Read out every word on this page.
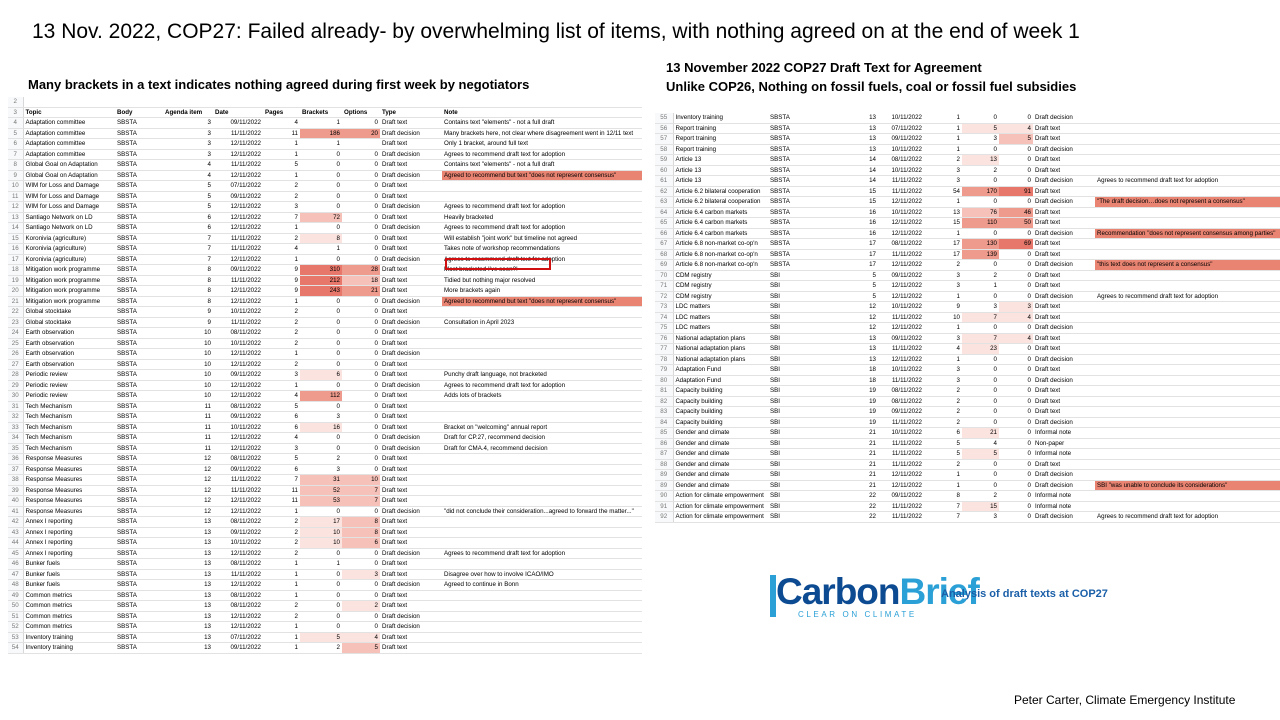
13 Nov. 2022, COP27: Failed already- by overwhelming list of items, with nothing agreed on at the end of week 1
Many brackets in a text indicates nothing agreed during first week by negotiators
13 November 2022 COP27 Draft Text for Agreement
Unlike COP26, Nothing on fossil fuels, coal or fossil fuel subsidies
2									
3	Topic	Body	Agenda item	Date	Pages	Brackets	Options	Type	Note
4	Adaptation committee	SBSTA	3	09/11/2022	4	1	0	Draft text	Contains text "elements" - not a full draft
5	Adaptation committee	SBSTA	3	11/11/2022	11	186	20	Draft decision	Many brackets here, not clear where disagreement went in 12/11 text
6	Adaptation committee	SBSTA	3	12/11/2022	1	1		Draft text	Only 1 bracket, around full text
7	Adaptation committee	SBSTA	3	12/11/2022	1	0	0	Draft decision	Agrees to recommend draft text for adoption
8	Global Goal on Adaptation	SBSTA	4	11/11/2022	5	0	0	Draft text	Contains text "elements" - not a full draft
9	Global Goal on Adaptation	SBSTA	4	12/11/2022	1	0	0	Draft decision	Agreed to recommend but text "does not represent consensus"
10	WIM for Loss and Damage	SBSTA	5	07/11/2022	2	0	0	Draft text	
11	WIM for Loss and Damage	SBSTA	5	09/11/2022	2	0	0	Draft text	
12	WIM for Loss and Damage	SBSTA	5	12/11/2022	3	0	0	Draft decision	Agrees to recommend draft text for adoption
13	Santiago Network on LD	SBSTA	6	12/11/2022	7	72	0	Draft text	Heavily bracketed
14	Santiago Network on LD	SBSTA	6	12/11/2022	1	0	0	Draft decision	Agrees to recommend draft text for adoption
15	Koronivia (agriculture)	SBSTA	7	11/11/2022	2	8	0	Draft text	Will establish "joint work" but timeline not agreed
16	Koronivia (agriculture)	SBSTA	7	11/11/2022	4	1	0	Draft text	Takes note of workshop recommendations
17	Koronivia (agriculture)	SBSTA	7	12/11/2022	1	0	0	Draft decision	Agrees to recommend draft text for adoption
18	Mitigation work programme	SBSTA	8	09/11/2022	9	310	28	Draft text	Most bracketed I've seen?!
19	Mitigation work programme	SBSTA	8	11/11/2022	9	212	18	Draft text	Tidied but nothing major resolved
20	Mitigation work programme	SBSTA	8	12/11/2022	9	243	21	Draft text	More brackets again
21	Mitigation work programme	SBSTA	8	12/11/2022	1	0	0	Draft decision	Agreed to recommend but text "does not represent consensus"
22	Global stocktake	SBSTA	9	10/11/2022	2	0	0	Draft text	
23	Global stocktake	SBSTA	9	11/11/2022	2	0	0	Draft decision	Consultation in April 2023
24	Earth observation	SBSTA	10	08/11/2022	2	0	0	Draft text	
25	Earth observation	SBSTA	10	10/11/2022	2	0	0	Draft text	
26	Earth observation	SBSTA	10	12/11/2022	1	0	0	Draft decision	
27	Earth observation	SBSTA	10	12/11/2022	2	0	0	Draft text	
28	Periodic review	SBSTA	10	09/11/2022	3	6	0	Draft text	Punchy draft language, not bracketed
29	Periodic review	SBSTA	10	12/11/2022	1	0	0	Draft decision	Agrees to recommend draft text for adoption
30	Periodic review	SBSTA	10	12/11/2022	4	112	0	Draft text	Adds lots of brackets
31	Tech Mechanism	SBSTA	11	08/11/2022	5	0	0	Draft text	
32	Tech Mechanism	SBSTA	11	09/11/2022	6	3	0	Draft text	
33	Tech Mechanism	SBSTA	11	10/11/2022	6	16	0	Draft text	Bracket on "welcoming" annual report
34	Tech Mechanism	SBSTA	11	12/11/2022	4	0	0	Draft decision	Draft for CP.27, recommend decision
35	Tech Mechanism	SBSTA	11	12/11/2022	3	0	0	Draft decision	Draft for CMA.4, recommend decision
36	Response Measures	SBSTA	12	08/11/2022	5	2	0	Draft text	
37	Response Measures	SBSTA	12	09/11/2022	6	3	0	Draft text	
38	Response Measures	SBSTA	12	11/11/2022	7	31	10	Draft text	
39	Response Measures	SBSTA	12	11/11/2022	11	52	7	Draft text	
40	Response Measures	SBSTA	12	12/11/2022	11	53	7	Draft text	
41	Response Measures	SBSTA	12	12/11/2022	1	0	0	Draft decision	"did not conclude their consideration...agreed to forward the matter..."
42	Annex I reporting	SBSTA	13	08/11/2022	2	17	8	Draft text	
43	Annex I reporting	SBSTA	13	09/11/2022	2	10	8	Draft text	
44	Annex I reporting	SBSTA	13	10/11/2022	2	10	6	Draft text	
45	Annex I reporting	SBSTA	13	12/11/2022	2	0	0	Draft decision	Agrees to recommend draft text for adoption
46	Bunker fuels	SBSTA	13	08/11/2022	1	1	0	Draft text	
47	Bunker fuels	SBSTA	13	11/11/2022	1	0	3	Draft text	Disagree over how to involve ICAO/IMO
48	Bunker fuels	SBSTA	13	12/11/2022	1	0	0	Draft decision	Agreed to continue in Bonn
49	Common metrics	SBSTA	13	08/11/2022	1	0	0	Draft text	
50	Common metrics	SBSTA	13	08/11/2022	2	0	2	Draft text	
51	Common metrics	SBSTA	13	12/11/2022	2	0	0	Draft decision	
52	Common metrics	SBSTA	13	12/11/2022	1	0	0	Draft decision	
53	Inventory training	SBSTA	13	07/11/2022	1	5	4	Draft text	
54	Inventory training	SBSTA	13	09/11/2022	1	2	5	Draft text	
55	Inventory training	SBSTA	13	10/11/2022	1	0	0	Draft decision	
56	Report training	SBSTA	13	07/11/2022	1	5	4	Draft text	
57	Report training	SBSTA	13	09/11/2022	1	3	5	Draft text	
58	Report training	SBSTA	13	10/11/2022	1	0	0	Draft decision	
59	Article 13	SBSTA	14	08/11/2022	2	13	0	Draft text	
60	Article 13	SBSTA	14	10/11/2022	3	2	0	Draft text	
61	Article 13	SBSTA	14	11/11/2022	3	0	0	Draft decision	Agrees to recommend draft text for adoption
62	Article 6.2 bilateral cooperation	SBSTA	15	11/11/2022	54	170	91	Draft text	
63	Article 6.2 bilateral cooperation	SBSTA	15	12/11/2022	1	0	0	Draft decision	"The draft decision…does not represent a consensus"
64	Article 6.4 carbon markets	SBSTA	16	10/11/2022	13	76	46	Draft text	
65	Article 6.4 carbon markets	SBSTA	16	12/11/2022	15	110	50	Draft text	
66	Article 6.4 carbon markets	SBSTA	16	12/11/2022	1	0	0	Draft decision	Recommendation "does not represent consensus among parties"
67	Article 6.8 non-market co-op'n	SBSTA	17	08/11/2022	17	130	69	Draft text	
68	Article 6.8 non-market co-op'n	SBSTA	17	11/11/2022	17	139	0	Draft text	
69	Article 6.8 non-market co-op'n	SBSTA	17	12/11/2022	2	0	0	Draft decision	"this text does not represent a consensus"
70	CDM registry	SBI	5	09/11/2022	3	2	0	Draft text	
71	CDM registry	SBI	5	12/11/2022	3	1	0	Draft text	
72	CDM registry	SBI	5	12/11/2022	1	0	0	Draft decision	Agrees to recommend draft text for adoption
73	LDC matters	SBI	12	10/11/2022	9	3	3	Draft text	
74	LDC matters	SBI	12	11/11/2022	10	7	4	Draft text	
75	LDC matters	SBI	12	12/11/2022	1	0	0	Draft decision	
76	National adaptation plans	SBI	13	09/11/2022	3	7	4	Draft text	
77	National adaptation plans	SBI	13	11/11/2022	4	23	0	Draft text	
78	National adaptation plans	SBI	13	12/11/2022	1	0	0	Draft decision	
79	Adaptation Fund	SBI	18	10/11/2022	3	0	0	Draft text	
80	Adaptation Fund	SBI	18	11/11/2022	3	0	0	Draft decision	
81	Capacity building	SBI	19	08/11/2022	2	0	0	Draft text	
82	Capacity building	SBI	19	08/11/2022	2	0	0	Draft text	
83	Capacity building	SBI	19	09/11/2022	2	0	0	Draft text	
84	Capacity building	SBI	19	11/11/2022	2	0	0	Draft decision	
85	Gender and climate	SBI	21	10/11/2022	6	21	0	Informal note	
86	Gender and climate	SBI	21	11/11/2022	5	4	0	Non-paper	
87	Gender and climate	SBI	21	11/11/2022	5	5	0	Informal note	
88	Gender and climate	SBI	21	11/11/2022	2	0	0	Draft text	
89	Gender and climate	SBI	21	12/11/2022	1	0	0	Draft decision	
89	Gender and climate	SBI	21	12/11/2022	1	0	0	Draft decision	SBI "was unable to conclude its considerations"
90	Action for climate empowerment	SBI	22	09/11/2022	8	2	0	Informal note	
91	Action for climate empowerment	SBI	22	11/11/2022	7	15	0	Informal note	
92	Action for climate empowerment	SBI	22	11/11/2022	7	3	0	Draft decision	Agrees to recommend draft text for adoption
CarbonBrief
CLEAR ON CLIMATE
Analysis of draft texts at COP27
Peter Carter, Climate Emergency Institute
